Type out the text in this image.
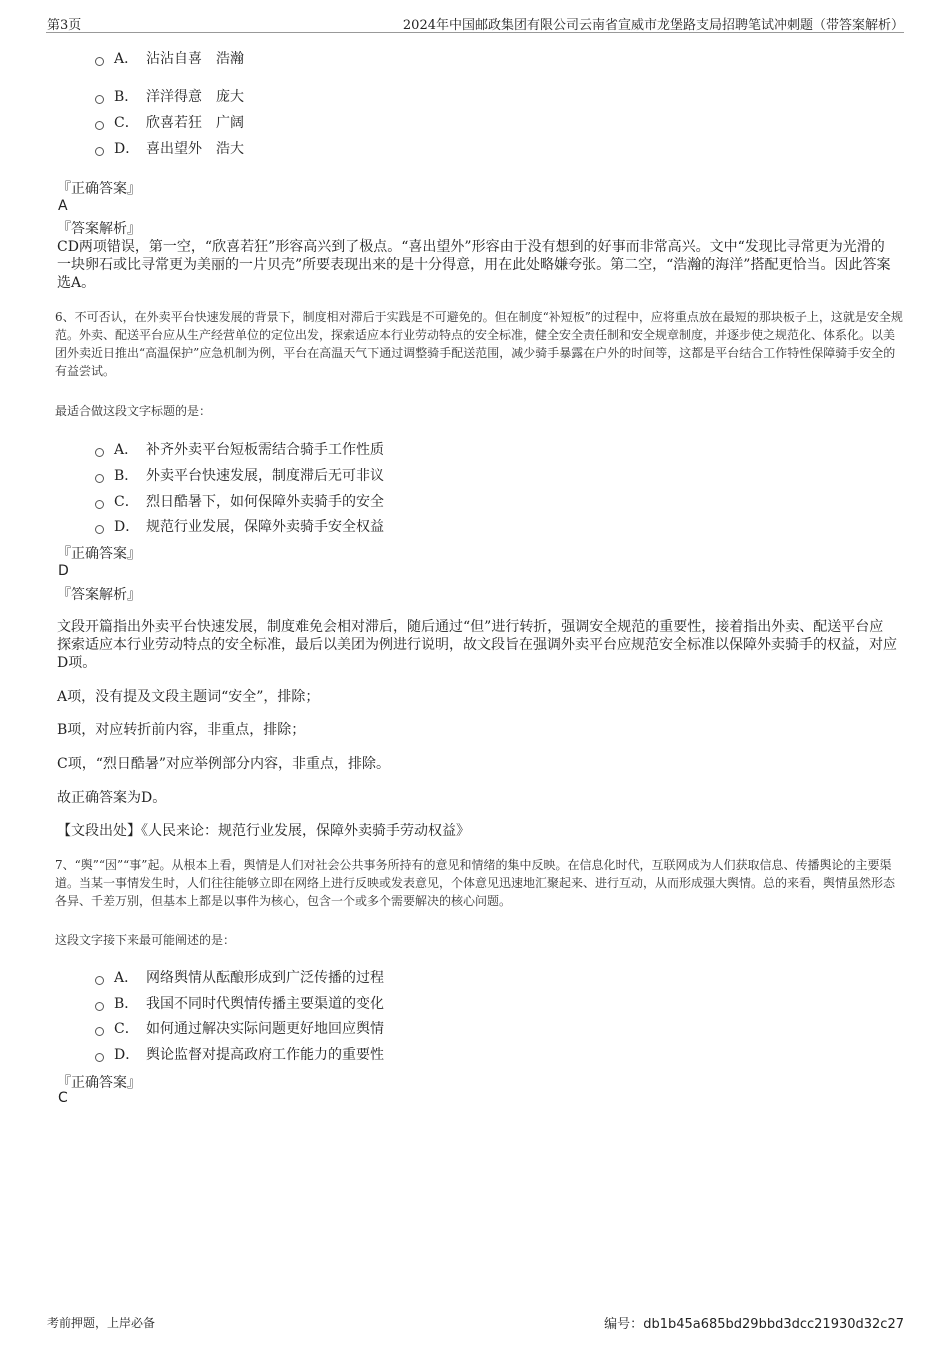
第3页	2024年中国邮政集团有限公司云南省宣威市龙堡路支局招聘笔试冲刺题（带答案解析）
A． 沾沾自喜　浩瀚
B． 洋洋得意　庞大
C． 欣喜若狂　广阔
D． 喜出望外　浩大
『正确答案』
A
『答案解析』
CD两项错误，第一空，“欣喜若狂”形容高兴到了极点。“喜出望外”形容由于没有想到的好事而非常高兴。文中“发现比寻常更为光滑的一块卵石或比寻常更为美丽的一片贝壳”所要表现出来的是十分得意，用在此处略嫌夸张。第二空，“浩瀚的海洋”搭配更恰当。因此答案选A。
6、不可否认，在外卖平台快速发展的背景下，制度相对滞后于实践是不可避免的。但在制度“补短板”的过程中，应将重点放在最短的那块板子上，这就是安全规范。外卖、配送平台应从生产经营单位的定位出发，探索适应本行业劳动特点的安全标准，健全安全责任制和安全规章制度，并逐步使之规范化、体系化。以美团外卖近日推出“高温保护”应急机制为例，平台在高温天气下通过调整骑手配送范围，减少骑手暴露在户外的时间等，这都是平台结合工作特性保障骑手安全的有益尝试。
最适合做这段文字标题的是：
A． 补齐外卖平台短板需结合骑手工作性质
B． 外卖平台快速发展，制度滞后无可非议
C． 烈日酷暑下，如何保障外卖骑手的安全
D． 规范行业发展，保障外卖骑手安全权益
『正确答案』
D
『答案解析』
文段开篇指出外卖平台快速发展，制度难免会相对滞后，随后通过“但”进行转折，强调安全规范的重要性，接着指出外卖、配送平台应探索适应本行业劳动特点的安全标准，最后以美团为例进行说明，故文段旨在强调外卖平台应规范安全标准以保障外卖骑手的权益，对应D项。
A项，没有提及文段主题词“安全”，排除；
B项，对应转折前内容，非重点，排除；
C项，“烈日酷暑”对应举例部分内容，非重点，排除。
故正确答案为D。
【文段出处】《人民来论：规范行业发展，保障外卖骑手劳动权益》
7、“舆”“因”“事”起。从根本上看，舆情是人们对社会公共事务所持有的意见和情绪的集中反映。在信息化时代，互联网成为人们获取信息、传播舆论的主要渠道。当某一事情发生时，人们往往能够立即在网络上进行反映或发表意见，个体意见迅速地汇聚起来、进行互动，从而形成强大舆情。总的来看，舆情虽然形态各异、千差万别，但基本上都是以事件为核心，包含一个或多个需要解决的核心问题。
这段文字接下来最可能阐述的是：
A． 网络舆情从酝酿形成到广泛传播的过程
B． 我国不同时代舆情传播主要渠道的变化
C． 如何通过解决实际问题更好地回应舆情
D． 舆论监督对提高政府工作能力的重要性
『正确答案』
C
考前押题，上岸必备	编号：db1b45a685bd29bbd3dcc21930d32c27
